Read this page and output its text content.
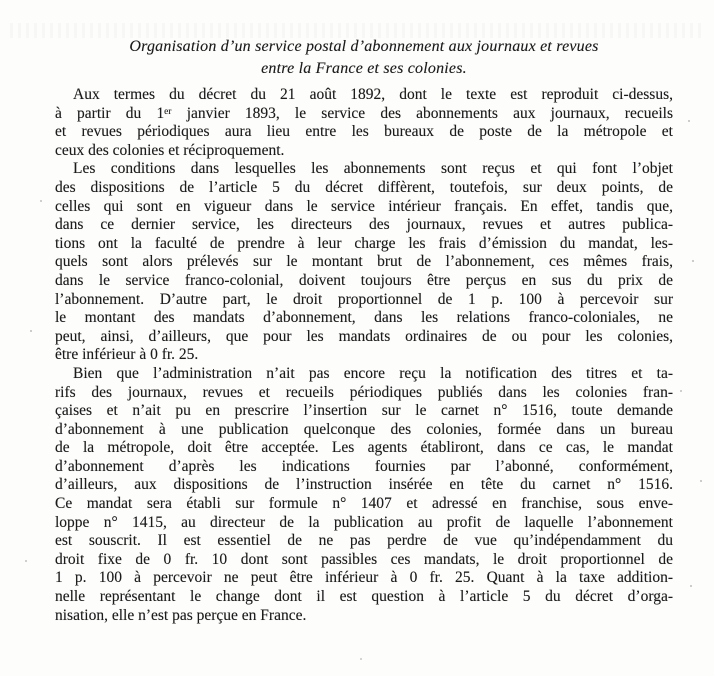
Organisation d’un service postal d’abonnement aux journaux et revues
entre la France et ses colonies.
Aux termes du décret du 21 août 1892, dont le texte est reproduit ci-dessus,
à partir du 1ᵉʳ janvier 1893, le service des abonnements aux journaux, recueils
et revues périodiques aura lieu entre les bureaux de poste de la métropole et
ceux des colonies et réciproquement.
Les conditions dans lesquelles les abonnements sont reçus et qui font l’objet
des dispositions de l’article 5 du décret diffèrent, toutefois, sur deux points, de
celles qui sont en vigueur dans le service intérieur français. En effet, tandis que,
dans ce dernier service, les directeurs des journaux, revues et autres publica-
tions ont la faculté de prendre à leur charge les frais d’émission du mandat, les-
quels sont alors prélevés sur le montant brut de l’abonnement, ces mêmes frais,
dans le service franco-colonial, doivent toujours être perçus en sus du prix de
l’abonnement. D’autre part, le droit proportionnel de 1 p. 100 à percevoir sur
le montant des mandats d’abonnement, dans les relations franco-coloniales, ne
peut, ainsi, d’ailleurs, que pour les mandats ordinaires de ou pour les colonies,
être inférieur à 0 fr. 25.
Bien que l’administration n’ait pas encore reçu la notification des titres et ta-
rifs des journaux, revues et recueils périodiques publiés dans les colonies fran-
çaises et n’ait pu en prescrire l’insertion sur le carnet n° 1516, toute demande
d’abonnement à une publication quelconque des colonies, formée dans un bureau
de la métropole, doit être acceptée. Les agents établiront, dans ce cas, le mandat
d’abonnement d’après les indications fournies par l’abonné, conformément,
d’ailleurs, aux dispositions de l’instruction insérée en tête du carnet n° 1516.
Ce mandat sera établi sur formule n° 1407 et adressé en franchise, sous enve-
loppe n° 1415, au directeur de la publication au profit de laquelle l’abonnement
est souscrit. Il est essentiel de ne pas perdre de vue qu’indépendamment du
droit fixe de 0 fr. 10 dont sont passibles ces mandats, le droit proportionnel de
1 p. 100 à percevoir ne peut être inférieur à 0 fr. 25. Quant à la taxe addition-
nelle représentant le change dont il est question à l’article 5 du décret d’orga-
nisation, elle n’est pas perçue en France.
